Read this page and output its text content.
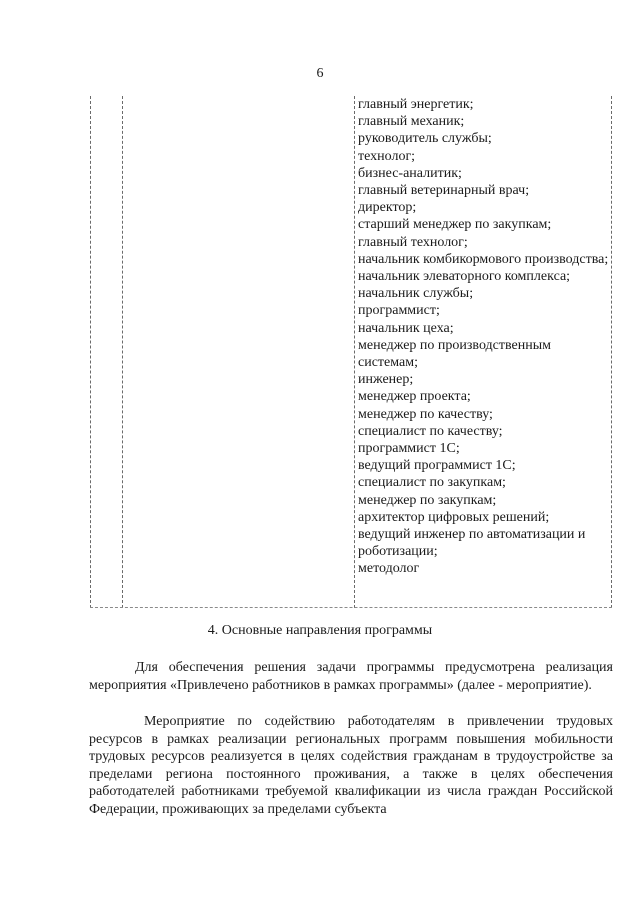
6
главный энергетик;
главный механик;
руководитель службы;
технолог;
бизнес-аналитик;
главный ветеринарный врач;
директор;
старший менеджер по закупкам;
главный технолог;
начальник комбикормового производства;
начальник элеваторного комплекса;
начальник службы;
программист;
начальник цеха;
менеджер по производственным системам;
инженер;
менеджер проекта;
менеджер по качеству;
специалист по качеству;
программист 1С;
ведущий программист 1С;
специалист по закупкам;
менеджер по закупкам;
архитектор цифровых решений;
ведущий инженер по автоматизации и роботизации;
методолог
4. Основные направления программы

Для обеспечения решения задачи программы предусмотрена реализация мероприятия «Привлечено работников в рамках программы» (далее - мероприятие).

Мероприятие по содействию работодателям в привлечении трудовых ресурсов в рамках реализации региональных программ повышения мобильности трудовых ресурсов реализуется в целях содействия гражданам в трудоустройстве за пределами региона постоянного проживания, а также в целях обеспечения работодателей работниками требуемой квалификации из числа граждан Российской Федерации, проживающих за пределами субъекта
